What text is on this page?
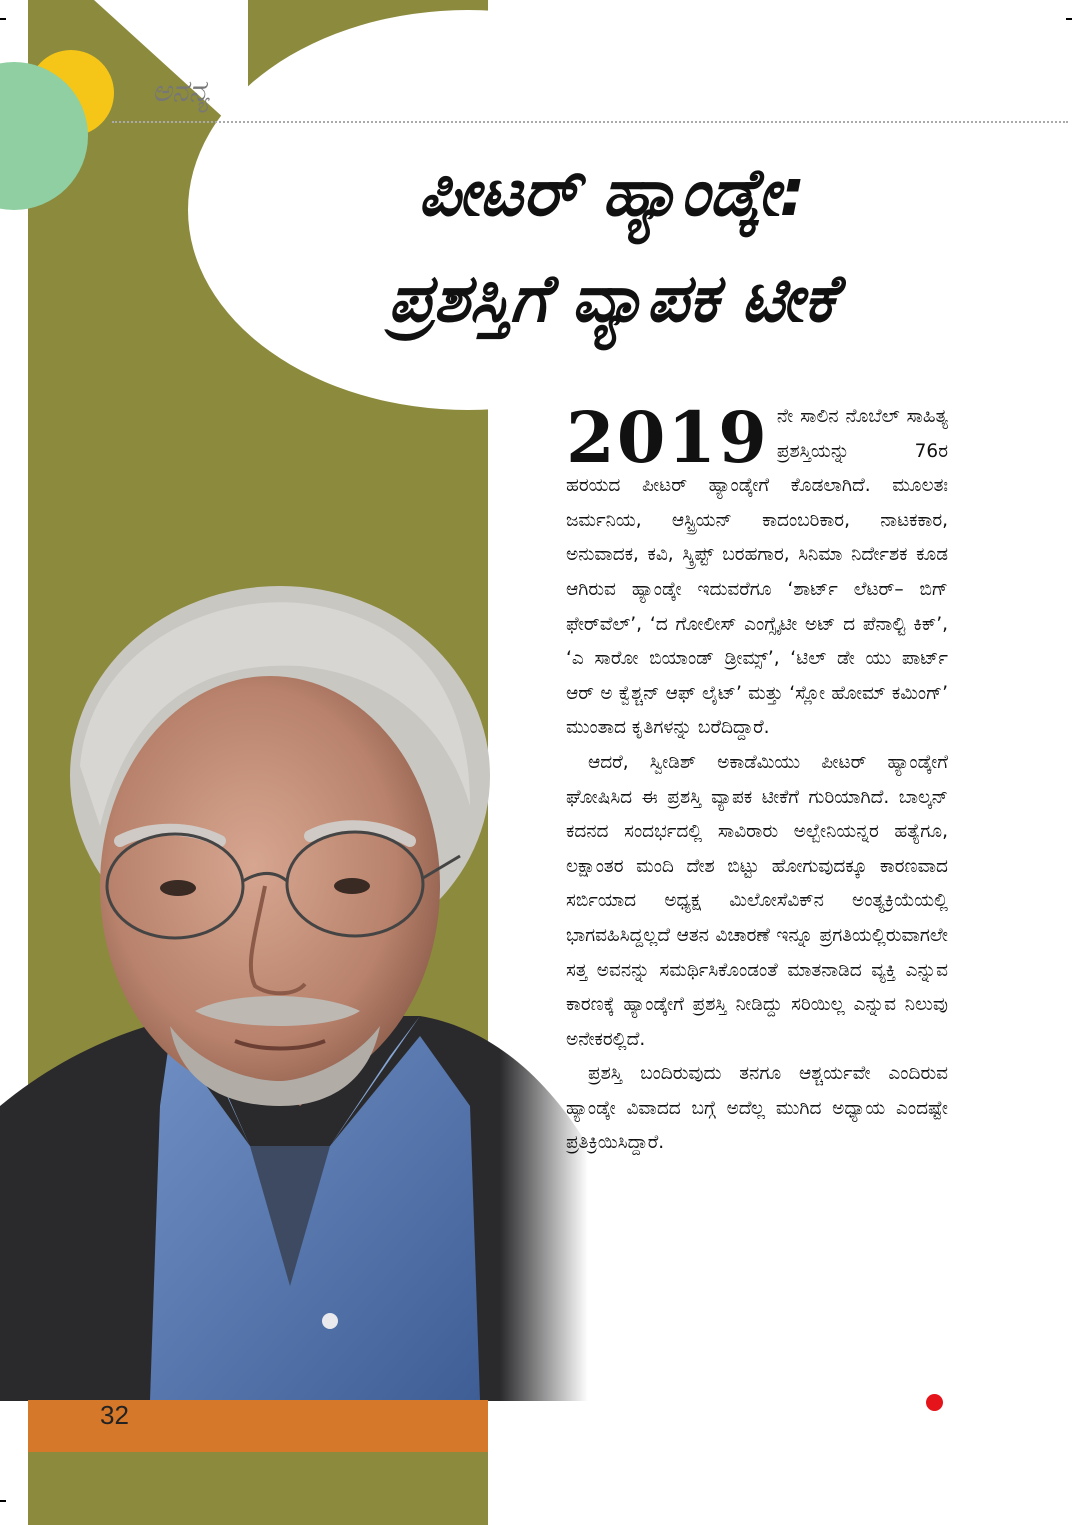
ಅನನ್ಯ
ಪೀಟರ್ ಹ್ಯಾಂಡ್ಕೇ:
ಪ್ರಶಸ್ತಿಗೆ ವ್ಯಾಪಕ ಟೀಕೆ

2019 ನೇ ಸಾಲಿನ ನೊಬೆಲ್ ಸಾಹಿತ್ಯ ಪ್ರಶಸ್ತಿಯನ್ನು 76ರ ಹರಯದ ಪೀಟರ್ ಹ್ಯಾಂಡ್ಕೇಗೆ ಕೊಡಲಾಗಿದೆ. ಮೂಲತಃ ಜರ್ಮನಿಯ, ಆಸ್ಟ್ರಿಯನ್ ಕಾದಂಬರಿಕಾರ, ನಾಟಕಕಾರ, ಅನುವಾದಕ, ಕವಿ, ಸ್ಕ್ರಿಪ್ಟ್ ಬರಹಗಾರ, ಸಿನಿಮಾ ನಿರ್ದೇಶಕ ಕೂಡ ಆಗಿರುವ ಹ್ಯಾಂಡ್ಕೇ ಇದುವರೆಗೂ ‘ಶಾರ್ಟ್ ಲೆಟರ್– ಬಿಗ್ ಫೇರ್‌ವೆಲ್’, ‘ದ ಗೋಲೀಸ್ ಎಂಗ್ಸೈಟೀ ಅಟ್ ದ ಪೆನಾಲ್ಟಿ ಕಿಕ್’, ‘ಎ ಸಾರೋ ಬಿಯಾಂಡ್ ಡ್ರೀಮ್ಸ್’, ‘ಟಿಲ್ ಡೇ ಯು ಪಾರ್ಟ್ ಆರ್ ಅ ಕ್ವೆಶ್ಚನ್ ಆಫ್ ಲೈಟ್’ ಮತ್ತು ‘ಸ್ಲೋ ಹೋಮ್ ಕಮಿಂಗ್’ ಮುಂತಾದ ಕೃತಿಗಳನ್ನು ಬರೆದಿದ್ದಾರೆ.

ಆದರೆ, ಸ್ವೀಡಿಶ್ ಅಕಾಡೆಮಿಯು ಪೀಟರ್ ಹ್ಯಾಂಡ್ಕೇಗೆ ಘೋಷಿಸಿದ ಈ ಪ್ರಶಸ್ತಿ ವ್ಯಾಪಕ ಟೀಕೆಗೆ ಗುರಿಯಾಗಿದೆ. ಬಾಲ್ಕನ್ ಕದನದ ಸಂದರ್ಭದಲ್ಲಿ ಸಾವಿರಾರು ಅಲ್ಬೇನಿಯನ್ನರ ಹತ್ಯೆಗೂ, ಲಕ್ಷಾಂತರ ಮಂದಿ ದೇಶ ಬಿಟ್ಟು ಹೋಗುವುದಕ್ಕೂ ಕಾರಣವಾದ ಸರ್ಬಿಯಾದ ಅಧ್ಯಕ್ಷ ಮಿಲೋಸೆವಿಕ್‌ನ ಅಂತ್ಯಕ್ರಿಯೆಯಲ್ಲಿ ಭಾಗವಹಿಸಿದ್ದಲ್ಲದೆ ಆತನ ವಿಚಾರಣೆ ಇನ್ನೂ ಪ್ರಗತಿಯಲ್ಲಿರುವಾಗಲೇ ಸತ್ತ ಅವನನ್ನು ಸಮರ್ಥಿಸಿಕೊಂಡಂತೆ ಮಾತನಾಡಿದ ವ್ಯಕ್ತಿ ಎನ್ನುವ ಕಾರಣಕ್ಕೆ ಹ್ಯಾಂಡ್ಕೇಗೆ ಪ್ರಶಸ್ತಿ ನೀಡಿದ್ದು ಸರಿಯಿಲ್ಲ ಎನ್ನುವ ನಿಲುವು ಅನೇಕರಲ್ಲಿದೆ.

ಪ್ರಶಸ್ತಿ ಬಂದಿರುವುದು ತನಗೂ ಆಶ್ಚರ್ಯವೇ ಎಂದಿರುವ ಹ್ಯಾಂಡ್ಕೇ ವಿವಾದದ ಬಗ್ಗೆ ಅದೆಲ್ಲ ಮುಗಿದ ಅಧ್ಯಾಯ ಎಂದಷ್ಟೇ ಪ್ರತಿಕ್ರಿಯಿಸಿದ್ದಾರೆ.

32
